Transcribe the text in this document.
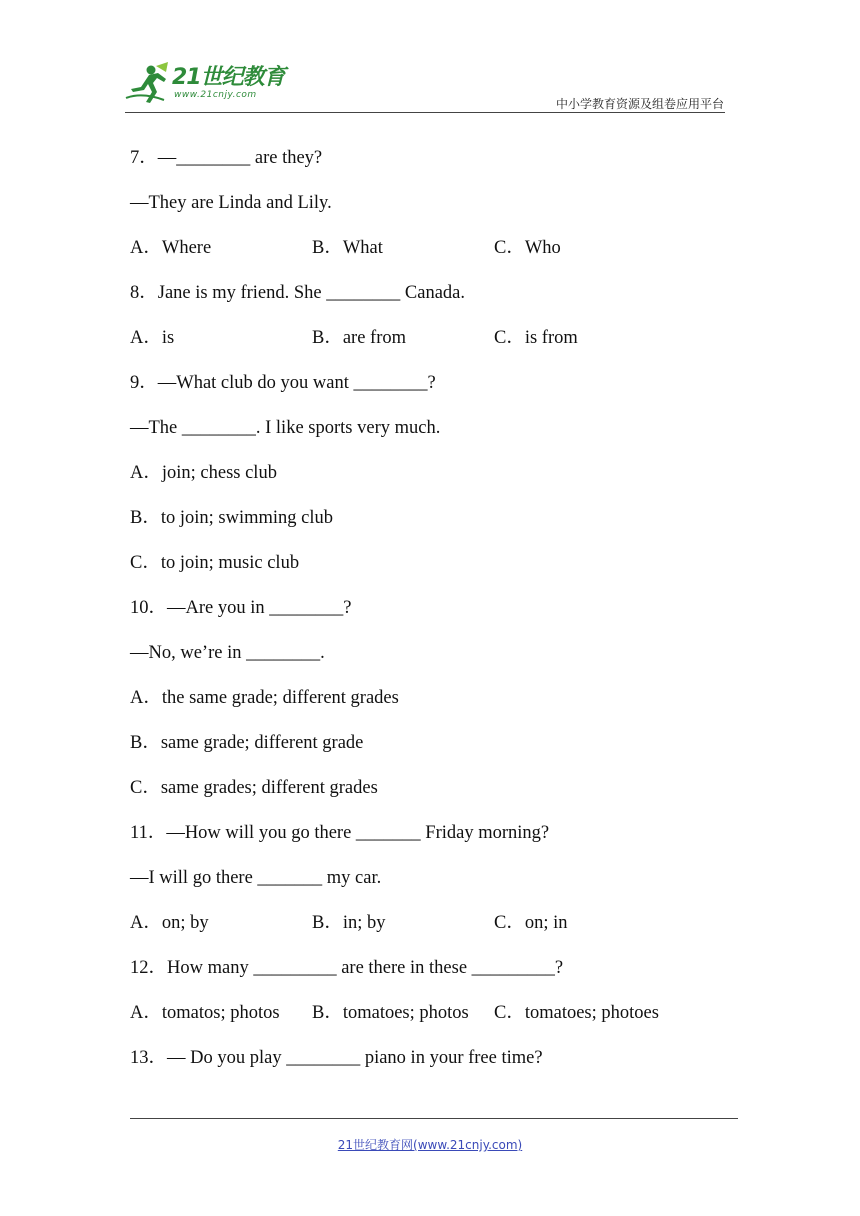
21世纪教育
www.21cnjy.com
中小学教育资源及组卷应用平台
7．—________ are they?
—They are Linda and Lily.
A．Where	B．What	C．Who
8．Jane is my friend. She ________ Canada.
A．is	B．are from	C．is from
9．—What club do you want ________?
—The ________. I like sports very much.
A．join; chess club
B．to join; swimming club
C．to join; music club
10．—Are you in ________?
—No, we’re in ________.
A．the same grade; different grades
B．same grade; different grade
C．same grades; different grades
11．—How will you go there _______ Friday morning?
—I will go there _______ my car.
A．on; by	B．in; by	C．on; in
12．How many _________ are there in these _________?
A．tomatos; photos B．tomatoes; photos C．tomatoes; photoes
13．— Do you play ________ piano in your free time?
21世纪教育网(www.21cnjy.com)
